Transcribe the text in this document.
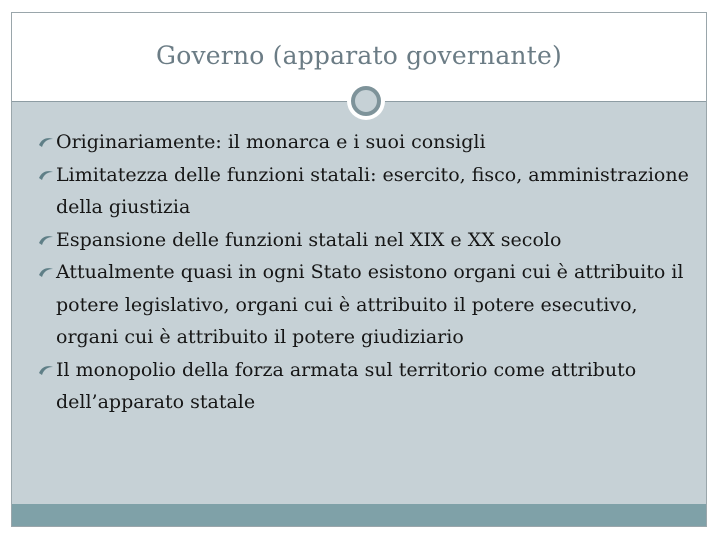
Governo (apparato governante)
Originariamente: il monarca e i suoi consigli
Limitatezza delle funzioni statali: esercito, fisco, amministrazione della giustizia
Espansione delle funzioni statali nel XIX e XX secolo
Attualmente quasi in ogni Stato esistono organi cui è attribuito il potere legislativo, organi cui è attribuito il potere esecutivo, organi cui è attribuito il potere giudiziario
Il monopolio della forza armata sul territorio come attributo dell’apparato statale
